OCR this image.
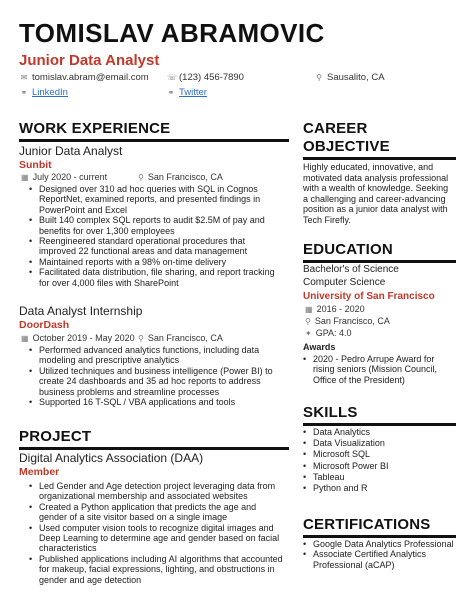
TOMISLAV ABRAMOVIC
Junior Data Analyst
✉ tomislav.abram@email.com ☏ (123) 456-7890	⚲ Sausalito, CA
⚭ LinkedIn	⚭ Twitter
WORK EXPERIENCE
Junior Data Analyst
Sunbit
▦ July 2020 - current	⚲ San Francisco, CA
• Designed over 310 ad hoc queries with SQL in Cognos ReportNet, examined reports, and presented findings in PowerPoint and Excel
• Built 140 complex SQL reports to audit $2.5M of pay and benefits for over 1,300 employees
• Reengineered standard operational procedures that improved 22 functional areas and data management
• Maintained reports with a 98% on-time delivery
• Facilitated data distribution, file sharing, and report tracking for over 4,000 files with SharePoint
Data Analyst Internship
DoorDash
▦ October 2019 - May 2020 ⚲ San Francisco, CA
• Performed advanced analytics functions, including data modeling and prescriptive analytics
• Utilized techniques and business intelligence (Power BI) to create 24 dashboards and 35 ad hoc reports to address business problems and streamline processes
• Supported 16 T-SQL / VBA applications and tools
PROJECT
Digital Analytics Association (DAA)
Member
• Led Gender and Age detection project leveraging data from organizational membership and associated websites
• Created a Python application that predicts the age and gender of a site visitor based on a single image
• Used computer vision tools to recognize digital images and Deep Learning to determine age and gender based on facial characteristics
• Published applications including AI algorithms that accounted for makeup, facial expressions, lighting, and obstructions in gender and age detection
CAREER OBJECTIVE
Highly educated, innovative, and motivated data analysis professional with a wealth of knowledge. Seeking a challenging and career-advancing position as a junior data analyst with Tech Firefly.
EDUCATION
Bachelor's of Science
Computer Science
University of San Francisco
▦ 2016 - 2020
⚲ San Francisco, CA
✦ GPA: 4.0
Awards
• 2020 - Pedro Arrupe Award for rising seniors (Mission Council, Office of the President)
SKILLS
• Data Analytics
• Data Visualization
• Microsoft SQL
• Microsoft Power BI
• Tableau
• Python and R
CERTIFICATIONS
• Google Data Analytics Professional
• Associate Certified Analytics Professional (aCAP)
